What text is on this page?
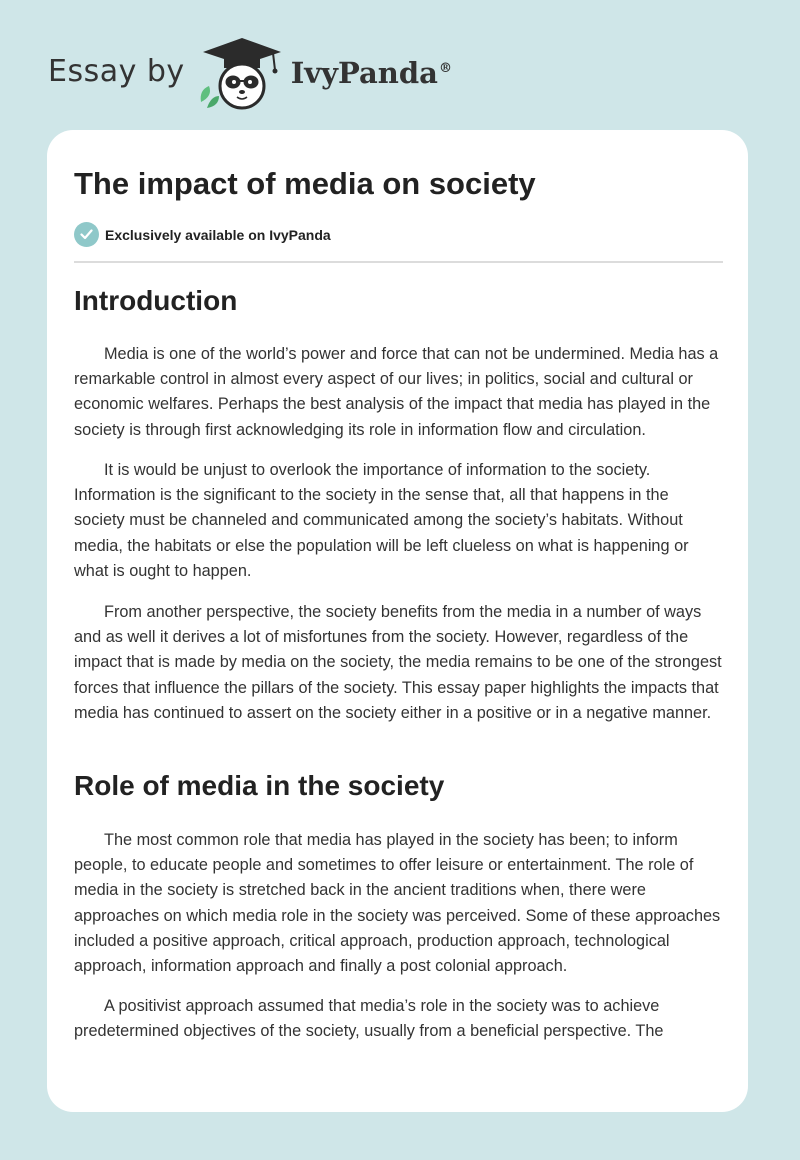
Essay by	IvyPanda®
The impact of media on society
Exclusively available on IvyPanda
Introduction

Media is one of the world’s power and force that can not be undermined. Media has a remarkable control in almost every aspect of our lives; in politics, social and cultural or economic welfares. Perhaps the best analysis of the impact that media has played in the society is through first acknowledging its role in information flow and circulation.

It is would be unjust to overlook the importance of information to the society. Information is the significant to the society in the sense that, all that happens in the society must be channeled and communicated among the society’s habitats. Without media, the habitats or else the population will be left clueless on what is happening or what is ought to happen.

From another perspective, the society benefits from the media in a number of ways and as well it derives a lot of misfortunes from the society. However, regardless of the impact that is made by media on the society, the media remains to be one of the strongest forces that influence the pillars of the society. This essay paper highlights the impacts that media has continued to assert on the society either in a positive or in a negative manner.

Role of media in the society

The most common role that media has played in the society has been; to inform people, to educate people and sometimes to offer leisure or entertainment. The role of media in the society is stretched back in the ancient traditions when, there were approaches on which media role in the society was perceived. Some of these approaches included a positive approach, critical approach, production approach, technological approach, information approach and finally a post colonial approach.

A positivist approach assumed that media’s role in the society was to achieve predetermined objectives of the society, usually from a beneficial perspective. The
